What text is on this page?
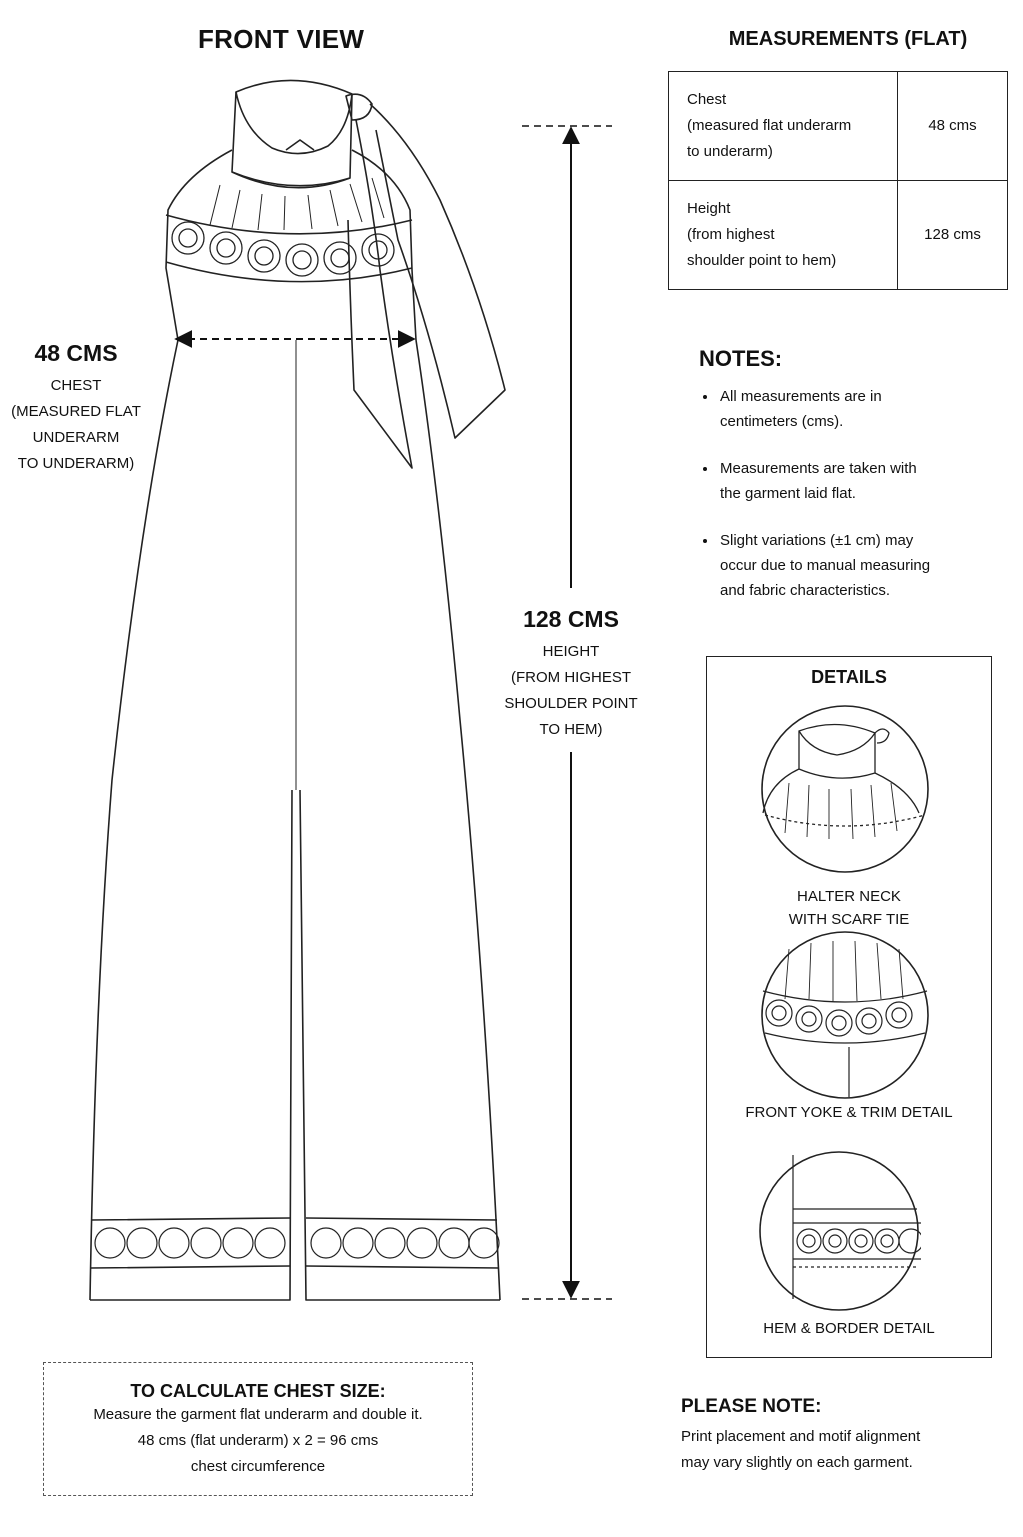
FRONT VIEW
48 CMS
CHEST
(MEASURED FLAT
UNDERARM
TO UNDERARM)
128 CMS
HEIGHT
(FROM HIGHEST
SHOULDER POINT
TO HEM)
MEASUREMENTS (FLAT)
Chest
(measured flat underarm
to underarm)	48 cms

Height
(from highest
shoulder point to hem)	128 cms
NOTES:
• All measurements are in
centimeters (cms).
• Measurements are taken with
the garment laid flat.
• Slight variations (±1 cm) may
occur due to manual measuring
and fabric characteristics.
DETAILS
HALTER NECK
WITH SCARF TIE
FRONT YOKE & TRIM DETAIL
HEM & BORDER DETAIL
TO CALCULATE CHEST SIZE:
Measure the garment flat underarm and double it.
48 cms (flat underarm) x 2 = 96 cms
chest circumference
PLEASE NOTE:
Print placement and motif alignment
may vary slightly on each garment.
